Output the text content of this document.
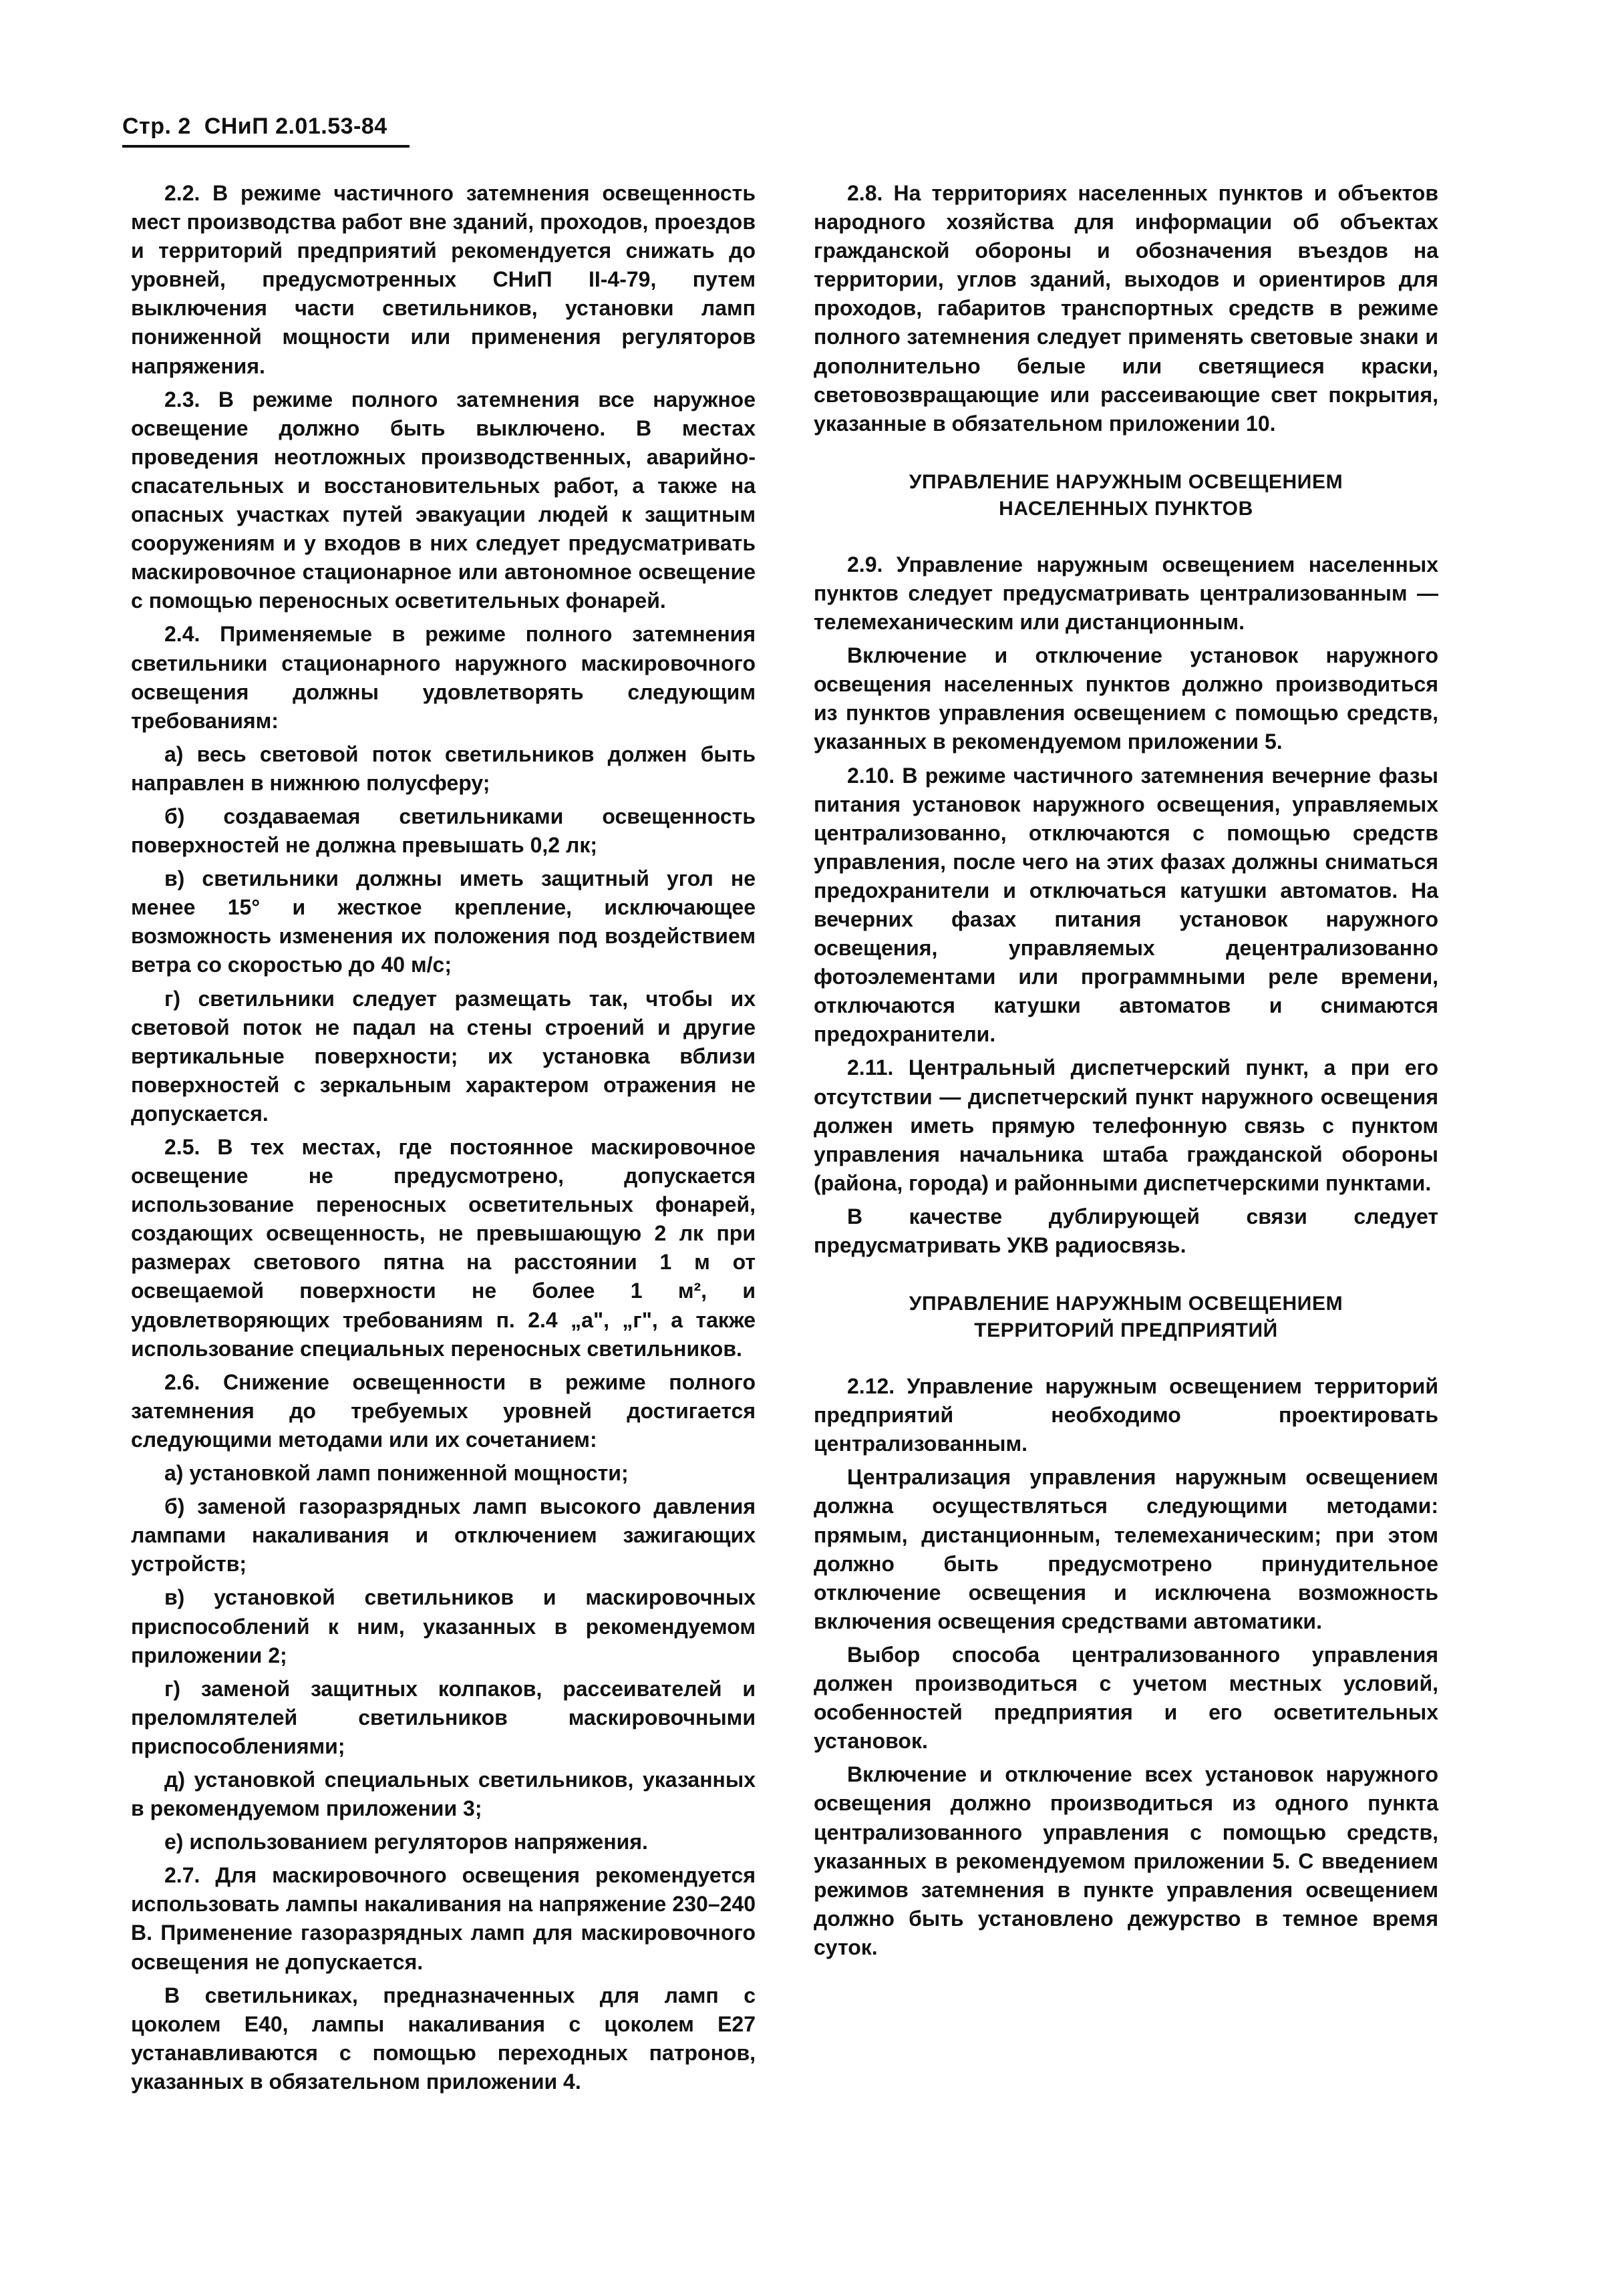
Стр. 2 СНиП 2.01.53-84

2.2. В режиме частичного затемнения освещенность мест производства работ вне зданий, проходов, проездов и территорий предприятий рекомендуется снижать до уровней, предусмотренных СНиП II-4-79, путем выключения части светильников, установки ламп пониженной мощности или применения регуляторов напряжения.

2.3. В режиме полного затемнения все наружное освещение должно быть выключено. В местах проведения неотложных производственных, аварийно-спасательных и восстановительных работ, а также на опасных участках путей эвакуации людей к защитным сооружениям и у входов в них следует предусматривать маскировочное стационарное или автономное освещение с помощью переносных осветительных фонарей.

2.4. Применяемые в режиме полного затемнения светильники стационарного наружного маскировочного освещения должны удовлетворять следующим требованиям:

а) весь световой поток светильников должен быть направлен в нижнюю полусферу;

б) создаваемая светильниками освещенность поверхностей не должна превышать 0,2 лк;

в) светильники должны иметь защитный угол не менее 15° и жесткое крепление, исключающее возможность изменения их положения под воздействием ветра со скоростью до 40 м/с;

г) светильники следует размещать так, чтобы их световой поток не падал на стены строений и другие вертикальные поверхности; их установка вблизи поверхностей с зеркальным характером отражения не допускается.

2.5. В тех местах, где постоянное маскировочное освещение не предусмотрено, допускается использование переносных осветительных фонарей, создающих освещенность, не превышающую 2 лк при размерах светового пятна на расстоянии 1 м от освещаемой поверхности не более 1 м², и удовлетворяющих требованиям п. 2.4 „а", „г", а также использование специальных переносных светильников.

2.6. Снижение освещенности в режиме полного затемнения до требуемых уровней достигается следующими методами или их сочетанием:

а) установкой ламп пониженной мощности;

б) заменой газоразрядных ламп высокого давления лампами накаливания и отключением зажигающих устройств;

в) установкой светильников и маскировочных приспособлений к ним, указанных в рекомендуемом приложении 2;

г) заменой защитных колпаков, рассеивателей и преломлятелей светильников маскировочными приспособлениями;

д) установкой специальных светильников, указанных в рекомендуемом приложении 3;

е) использованием регуляторов напряжения.

2.7. Для маскировочного освещения рекомендуется использовать лампы накаливания на напряжение 230–240 В. Применение газоразрядных ламп для маскировочного освещения не допускается.

В светильниках, предназначенных для ламп с цоколем Е40, лампы накаливания с цоколем Е27 устанавливаются с помощью переходных патронов, указанных в обязательном приложении 4.

2.8. На территориях населенных пунктов и объектов народного хозяйства для информации об объектах гражданской обороны и обозначения въездов на территории, углов зданий, выходов и ориентиров для проходов, габаритов транспортных средств в режиме полного затемнения следует применять световые знаки и дополнительно белые или светящиеся краски, световозвращающие или рассеивающие свет покрытия, указанные в обязательном приложении 10.

УПРАВЛЕНИЕ НАРУЖНЫМ ОСВЕЩЕНИЕМ
НАСЕЛЕННЫХ ПУНКТОВ

2.9. Управление наружным освещением населенных пунктов следует предусматривать централизованным — телемеханическим или дистанционным.

Включение и отключение установок наружного освещения населенных пунктов должно производиться из пунктов управления освещением с помощью средств, указанных в рекомендуемом приложении 5.

2.10. В режиме частичного затемнения вечерние фазы питания установок наружного освещения, управляемых централизованно, отключаются с помощью средств управления, после чего на этих фазах должны сниматься предохранители и отключаться катушки автоматов. На вечерних фазах питания установок наружного освещения, управляемых децентрализованно фотоэлементами или программными реле времени, отключаются катушки автоматов и снимаются предохранители.

2.11. Центральный диспетчерский пункт, а при его отсутствии — диспетчерский пункт наружного освещения должен иметь прямую телефонную связь с пунктом управления начальника штаба гражданской обороны (района, города) и районными диспетчерскими пунктами.

В качестве дублирующей связи следует предусматривать УКВ радиосвязь.

УПРАВЛЕНИЕ НАРУЖНЫМ ОСВЕЩЕНИЕМ
ТЕРРИТОРИЙ ПРЕДПРИЯТИЙ

2.12. Управление наружным освещением территорий предприятий необходимо проектировать централизованным.

Централизация управления наружным освещением должна осуществляться следующими методами: прямым, дистанционным, телемеханическим; при этом должно быть предусмотрено принудительное отключение освещения и исключена возможность включения освещения средствами автоматики.

Выбор способа централизованного управления должен производиться с учетом местных условий, особенностей предприятия и его осветительных установок.

Включение и отключение всех установок наружного освещения должно производиться из одного пункта централизованного управления с помощью средств, указанных в рекомендуемом приложении 5. С введением режимов затемнения в пункте управления освещением должно быть установлено дежурство в темное время суток.
